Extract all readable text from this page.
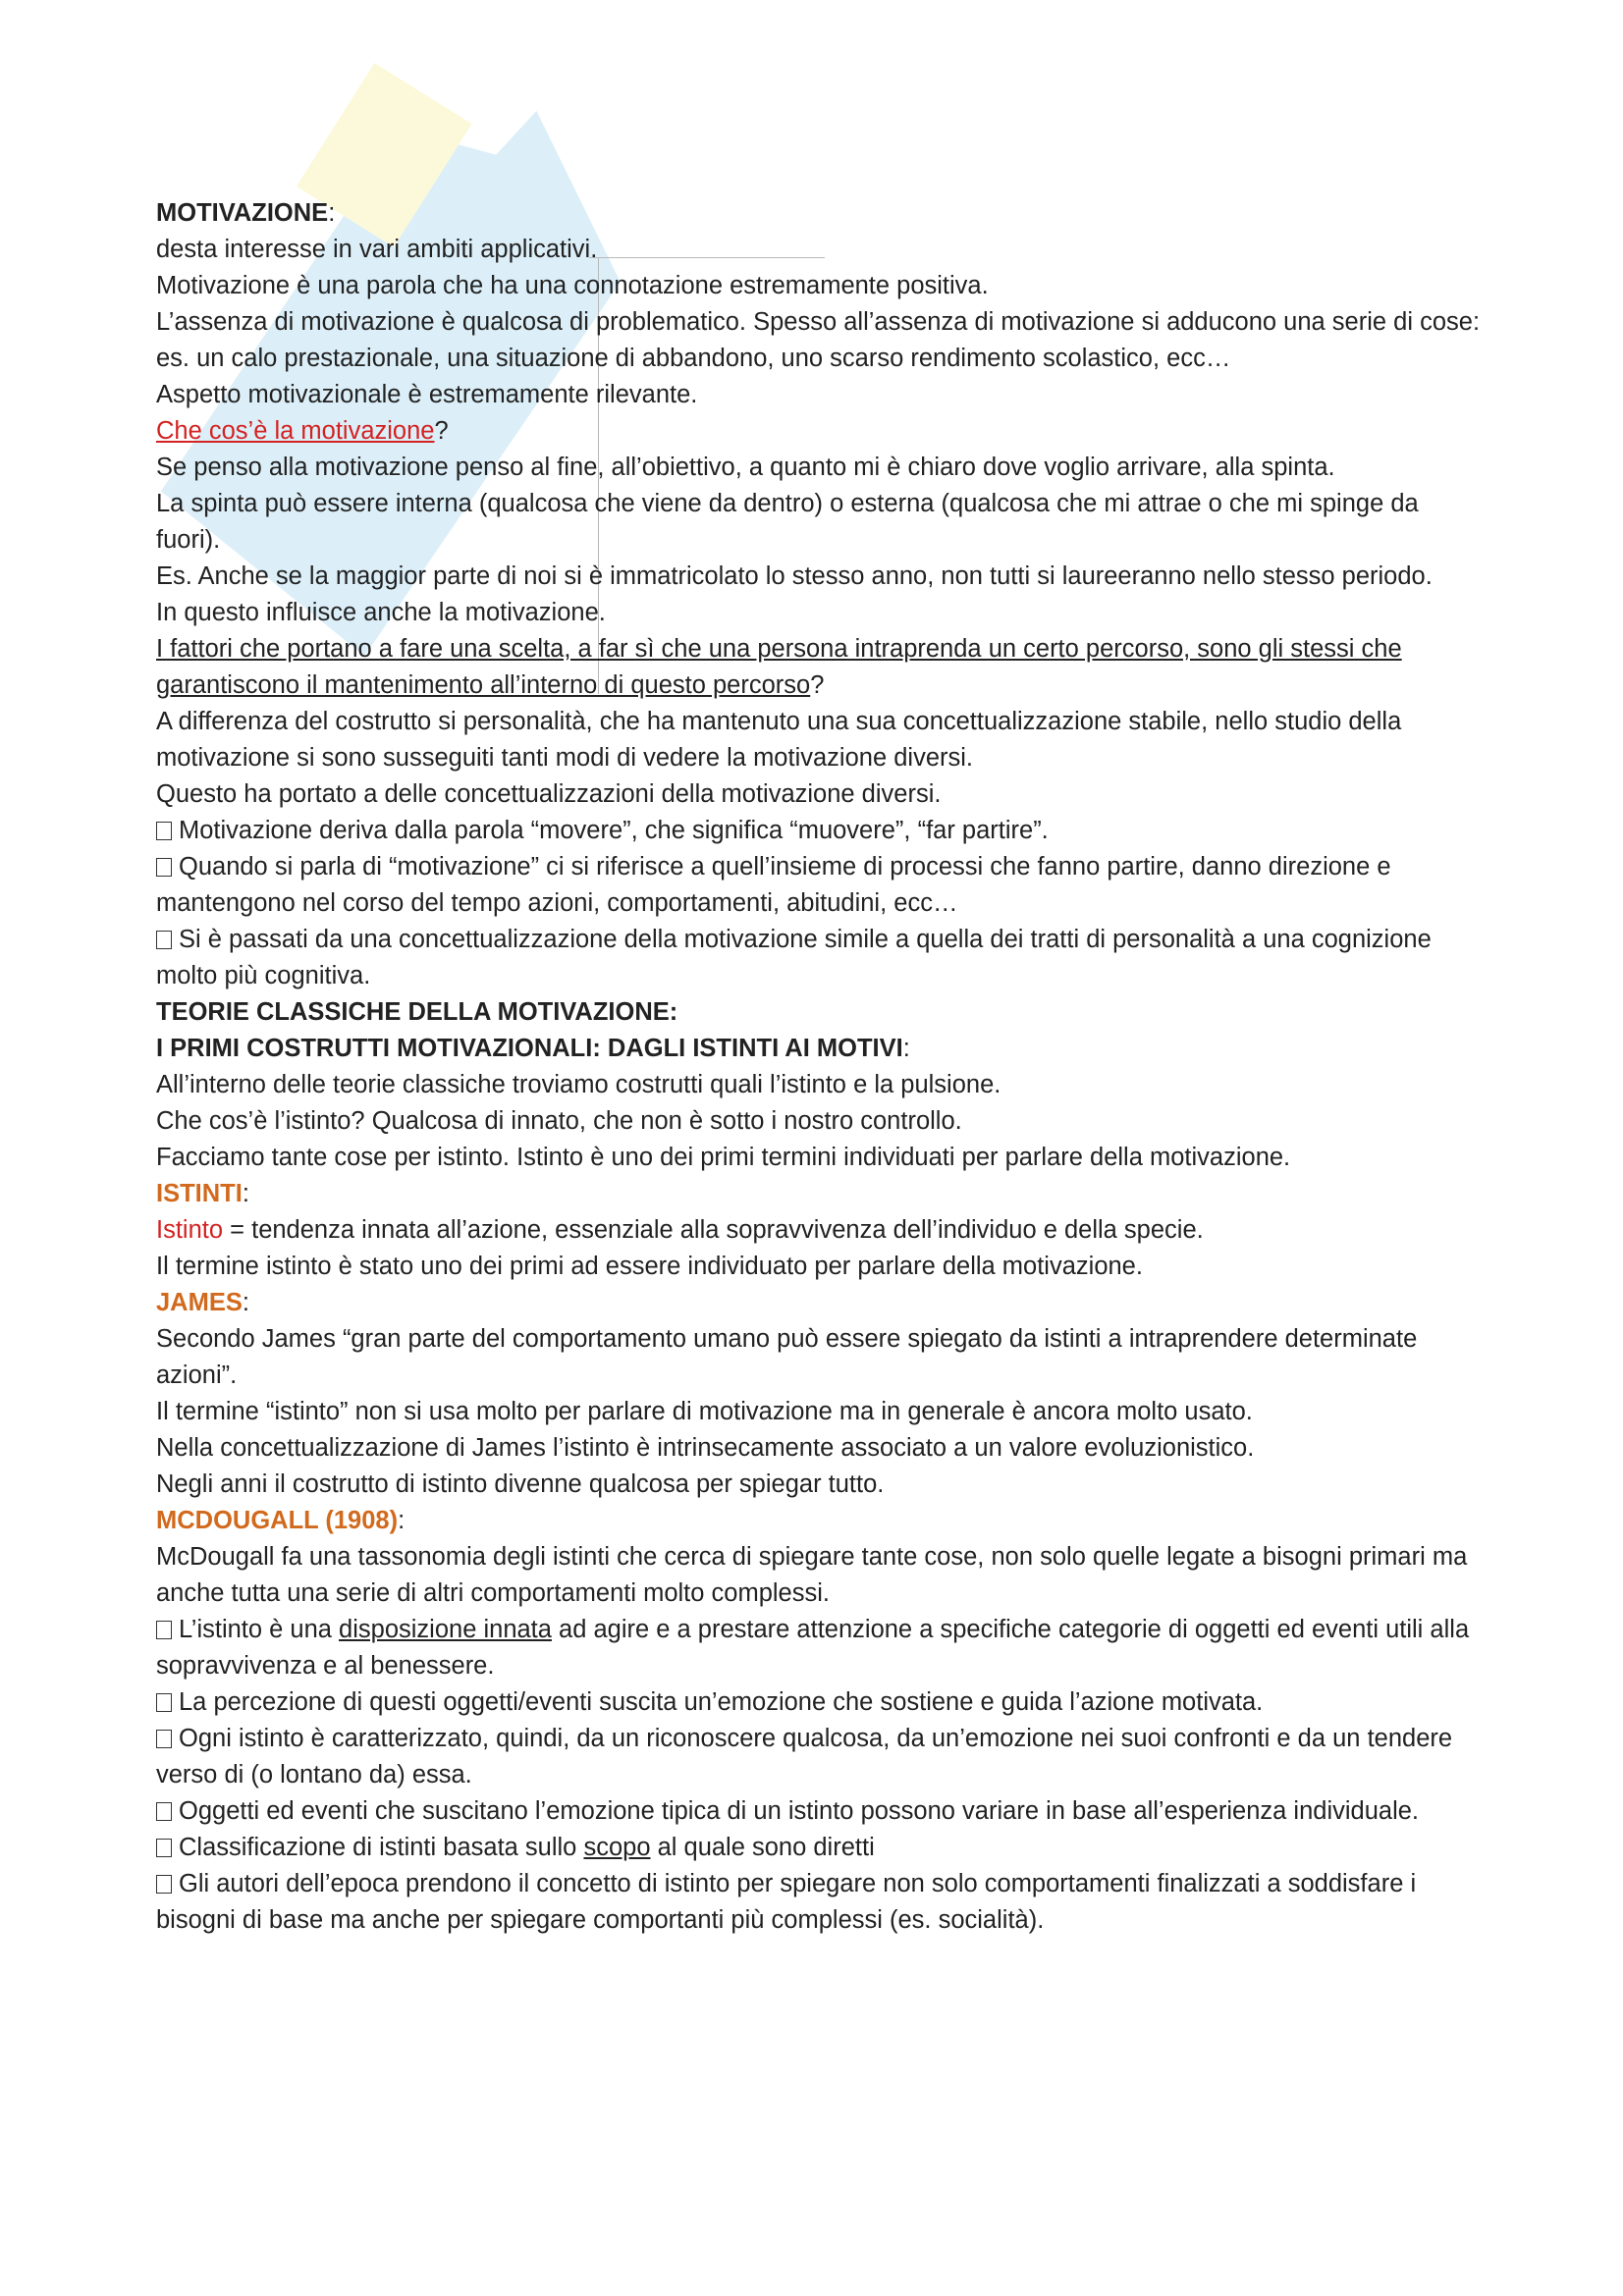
MOTIVAZIONE:

desta interesse in vari ambiti applicativi.

Motivazione è una parola che ha una connotazione estremamente positiva.

L’assenza di motivazione è qualcosa di problematico. Spesso all’assenza di motivazione si adducono una serie di cose: es. un calo prestazionale, una situazione di abbandono, uno scarso rendimento scolastico, ecc…

Aspetto motivazionale è estremamente rilevante.

Che cos’è la motivazione?

Se penso alla motivazione penso al fine, all’obiettivo, a quanto mi è chiaro dove voglio arrivare, alla spinta.

La spinta può essere interna (qualcosa che viene da dentro) o esterna (qualcosa che mi attrae o che mi spinge da fuori).

Es. Anche se la maggior parte di noi si è immatricolato lo stesso anno, non tutti si laureeranno nello stesso periodo.

In questo influisce anche la motivazione.

I fattori che portano a fare una scelta, a far sì che una persona intraprenda un certo percorso, sono gli stessi che garantiscono il mantenimento all’interno di questo percorso?

A differenza del costrutto si personalità, che ha mantenuto una sua concettualizzazione stabile, nello studio della motivazione si sono susseguiti tanti modi di vedere la motivazione diversi.

Questo ha portato a delle concettualizzazioni della motivazione diversi.

Motivazione deriva dalla parola “movere”, che significa “muovere”, “far partire”.

Quando si parla di “motivazione” ci si riferisce a quell’insieme di processi che fanno partire, danno direzione e mantengono nel corso del tempo azioni, comportamenti, abitudini, ecc…

Si è passati da una concettualizzazione della motivazione simile a quella dei tratti di personalità a una cognizione molto più cognitiva.

TEORIE CLASSICHE DELLA MOTIVAZIONE:

I PRIMI COSTRUTTI MOTIVAZIONALI: DAGLI ISTINTI AI MOTIVI:

All’interno delle teorie classiche troviamo costrutti quali l’istinto e la pulsione.

Che cos’è l’istinto? Qualcosa di innato, che non è sotto i nostro controllo.

Facciamo tante cose per istinto. Istinto è uno dei primi termini individuati per parlare della motivazione.

ISTINTI:

Istinto = tendenza innata all’azione, essenziale alla sopravvivenza dell’individuo e della specie.

Il termine istinto è stato uno dei primi ad essere individuato per parlare della motivazione.

JAMES:

Secondo James “gran parte del comportamento umano può essere spiegato da istinti a intraprendere determinate azioni”.

Il termine “istinto” non si usa molto per parlare di motivazione ma in generale è ancora molto usato.

Nella concettualizzazione di James l’istinto è intrinsecamente associato a un valore evoluzionistico.

Negli anni il costrutto di istinto divenne qualcosa per spiegar tutto.

MCDOUGALL (1908):

McDougall fa una tassonomia degli istinti che cerca di spiegare tante cose, non solo quelle legate a bisogni primari ma anche tutta una serie di altri comportamenti molto complessi.

L’istinto è una disposizione innata ad agire e a prestare attenzione a specifiche categorie di oggetti ed eventi utili alla sopravvivenza e al benessere.

La percezione di questi oggetti/eventi suscita un’emozione che sostiene e guida l’azione motivata.

Ogni istinto è caratterizzato, quindi, da un riconoscere qualcosa, da un’emozione nei suoi confronti e da un tendere verso di (o lontano da) essa.

Oggetti ed eventi che suscitano l’emozione tipica di un istinto possono variare in base all’esperienza individuale.

Classificazione di istinti basata sullo scopo al quale sono diretti

Gli autori dell’epoca prendono il concetto di istinto per spiegare non solo comportamenti finalizzati a soddisfare i bisogni di base ma anche per spiegare comportanti più complessi (es. socialità).
